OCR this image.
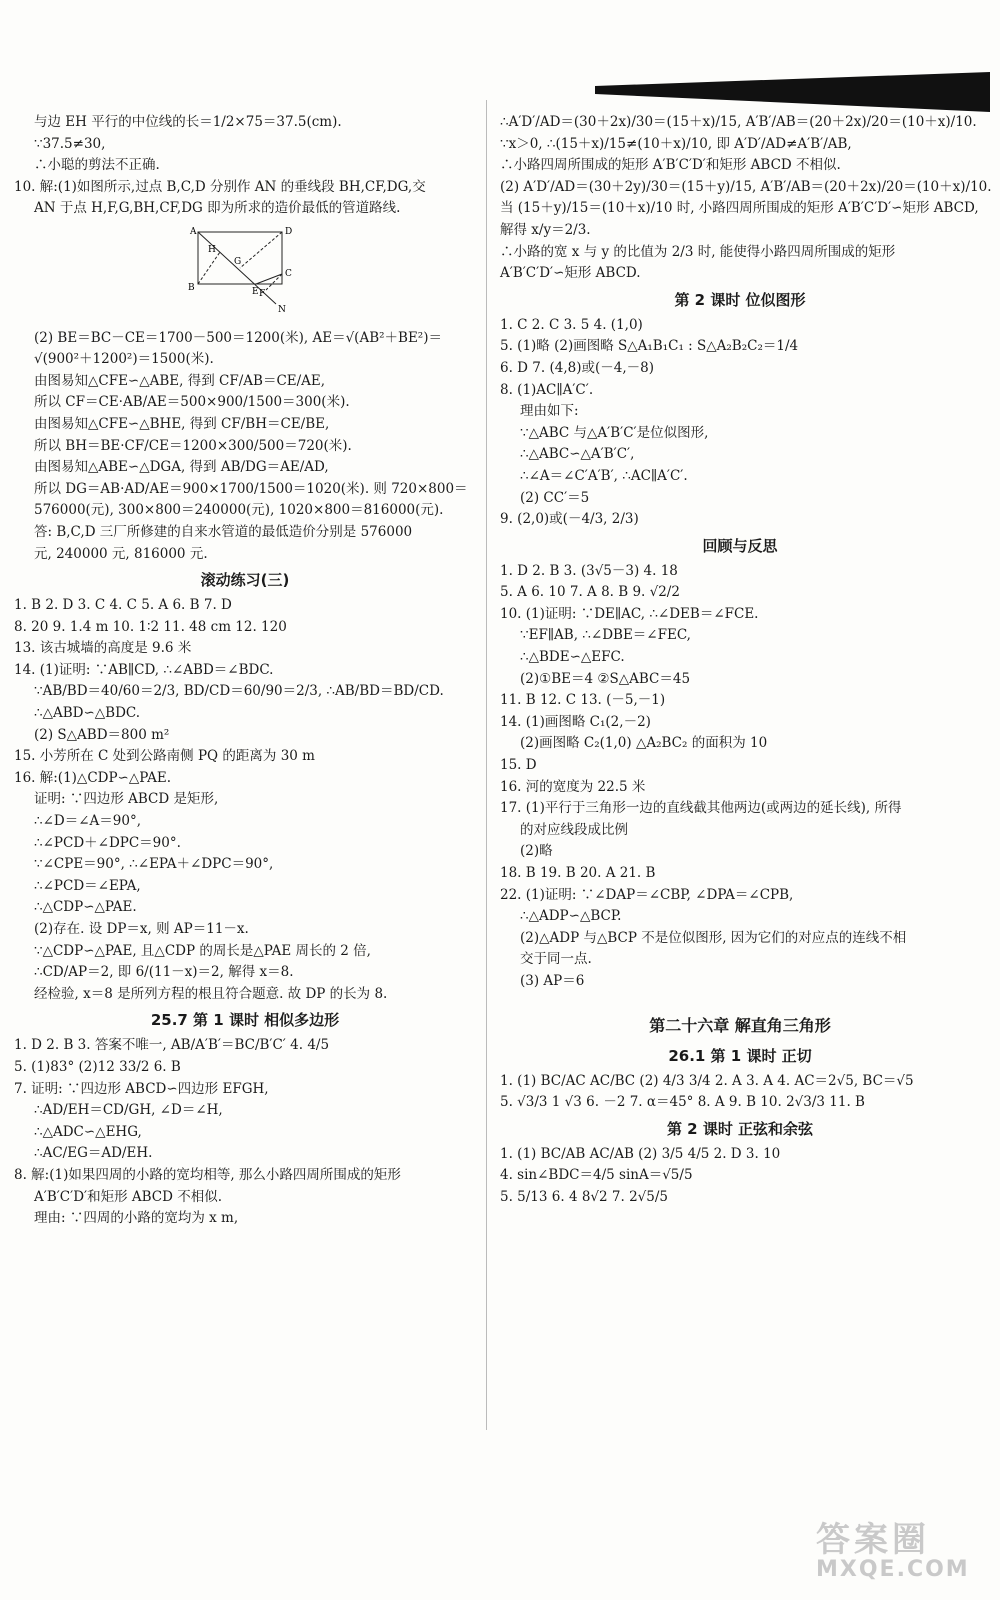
与边 EH 平行的中位线的长＝1/2×75＝37.5(cm).
∵37.5≠30,
∴小聪的剪法不正确.
10. 解:(1)如图所示,过点 B,C,D 分别作 AN 的垂线段 BH,CF,DG,交
AN 于点 H,F,G,BH,CF,DG 即为所求的造价最低的管道路线.
A	D
B
C
E F
G
H
N
(2) BE＝BC－CE＝1700－500＝1200(米), AE＝√(AB²＋BE²)＝
√(900²＋1200²)＝1500(米).
由图易知△CFE∽△ABE, 得到 CF/AB＝CE/AE,
所以 CF＝CE·AB/AE＝500×900/1500＝300(米).
由图易知△CFE∽△BHE, 得到 CF/BH＝CE/BE,
所以 BH＝BE·CF/CE＝1200×300/500＝720(米).
由图易知△ABE∽△DGA, 得到 AB/DG＝AE/AD,
所以 DG＝AB·AD/AE＝900×1700/1500＝1020(米). 则 720×800＝
576000(元), 300×800＝240000(元), 1020×800＝816000(元).
答: B,C,D 三厂所修建的自来水管道的最低造价分别是 576000
元, 240000 元, 816000 元.
滚动练习(三)
1. B 2. D 3. C 4. C 5. A 6. B 7. D
8. 20 9. 1.4 m 10. 1∶2 11. 48 cm 12. 120
13. 该古城墙的高度是 9.6 米
14. (1)证明: ∵AB∥CD, ∴∠ABD＝∠BDC.
∵AB/BD＝40/60＝2/3, BD/CD＝60/90＝2/3, ∴AB/BD＝BD/CD.
∴△ABD∽△BDC.
(2) S△ABD＝800 m²
15. 小芳所在 C 处到公路南侧 PQ 的距离为 30 m
16. 解:(1)△CDP∽△PAE.
证明: ∵四边形 ABCD 是矩形,
∴∠D＝∠A＝90°,
∴∠PCD＋∠DPC＝90°.
∵∠CPE＝90°, ∴∠EPA＋∠DPC＝90°,
∴∠PCD＝∠EPA,
∴△CDP∽△PAE.
(2)存在. 设 DP＝x, 则 AP＝11－x.
∵△CDP∽△PAE, 且△CDP 的周长是△PAE 周长的 2 倍,
∴CD/AP＝2, 即 6/(11－x)＝2, 解得 x＝8.
经检验, x＝8 是所列方程的根且符合题意. 故 DP 的长为 8.
25.7 第 1 课时 相似多边形
1. D 2. B 3. 答案不唯一, AB/A′B′＝BC/B′C′ 4. 4/5
5. (1)83° (2)12 33/2 6. B
7. 证明: ∵四边形 ABCD∽四边形 EFGH,
∴AD/EH＝CD/GH, ∠D＝∠H,
∴△ADC∽△EHG,
∴AC/EG＝AD/EH.
8. 解:(1)如果四周的小路的宽均相等, 那么小路四周所围成的矩形
A′B′C′D′和矩形 ABCD 不相似.
理由: ∵四周的小路的宽均为 x m,
∴A′D′/AD＝(30＋2x)/30＝(15＋x)/15, A′B′/AB＝(20＋2x)/20＝(10＋x)/10.
∵x＞0, ∴(15＋x)/15≠(10＋x)/10, 即 A′D′/AD≠A′B′/AB,
∴小路四周所围成的矩形 A′B′C′D′和矩形 ABCD 不相似.
(2) A′D′/AD＝(30＋2y)/30＝(15＋y)/15, A′B′/AB＝(20＋2x)/20＝(10＋x)/10.
当 (15＋y)/15＝(10＋x)/10 时, 小路四周所围成的矩形 A′B′C′D′∽矩形 ABCD,
解得 x/y＝2/3.
∴小路的宽 x 与 y 的比值为 2/3 时, 能使得小路四周所围成的矩形
A′B′C′D′∽矩形 ABCD.
第 2 课时 位似图形
1. C 2. C 3. 5 4. (1,0)
5. (1)略 (2)画图略 S△A₁B₁C₁ : S△A₂B₂C₂＝1/4
6. D 7. (4,8)或(－4,－8)
8. (1)AC∥A′C′.
理由如下:
∵△ABC 与△A′B′C′是位似图形,
∴△ABC∽△A′B′C′,
∴∠A＝∠C′A′B′, ∴AC∥A′C′.
(2) CC′＝5
9. (2,0)或(－4/3, 2/3)
回顾与反思
1. D 2. B 3. (3√5－3) 4. 18
5. A 6. 10 7. A 8. B 9. √2/2
10. (1)证明: ∵DE∥AC, ∴∠DEB＝∠FCE.
∵EF∥AB, ∴∠DBE＝∠FEC,
∴△BDE∽△EFC.
(2)①BE＝4 ②S△ABC＝45
11. B 12. C 13. (－5,－1)
14. (1)画图略 C₁(2,－2)
(2)画图略 C₂(1,0) △A₂BC₂ 的面积为 10
15. D
16. 河的宽度为 22.5 米
17. (1)平行于三角形一边的直线截其他两边(或两边的延长线), 所得
的对应线段成比例
(2)略
18. B 19. B 20. A 21. B
22. (1)证明: ∵∠DAP＝∠CBP, ∠DPA＝∠CPB,
∴△ADP∽△BCP.
(2)△ADP 与△BCP 不是位似图形, 因为它们的对应点的连线不相
交于同一点.
(3) AP＝6
第二十六章 解直角三角形
26.1 第 1 课时 正切
1. (1) BC/AC AC/BC (2) 4/3 3/4 2. A 3. A 4. AC＝2√5, BC＝√5
5. √3/3 1 √3 6. －2 7. α＝45° 8. A 9. B 10. 2√3/3 11. B
第 2 课时 正弦和余弦
1. (1) BC/AB AC/AB (2) 3/5 4/5 2. D 3. 10
4. sin∠BDC＝4/5 sinA＝√5/5
5. 5/13 6. 4 8√2 7. 2√5/5
答案圈
MXQE.COM
